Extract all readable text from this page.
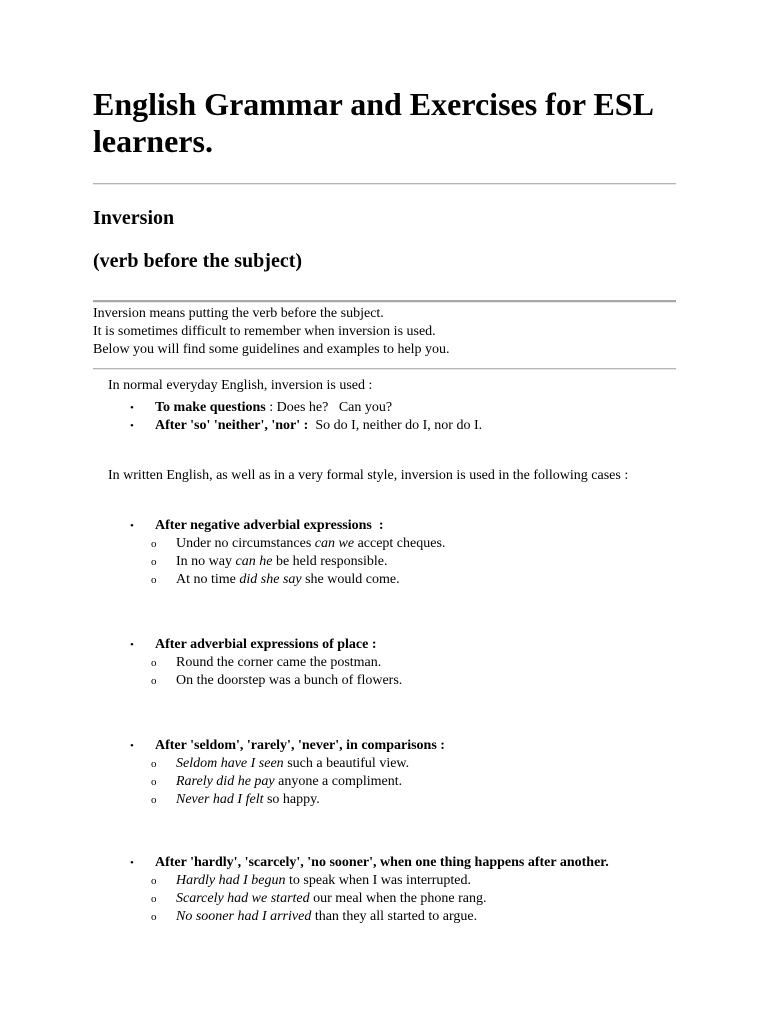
English Grammar and Exercises for ESL learners.
Inversion
(verb before the subject)
Inversion means putting the verb before the subject.
It is sometimes difficult to remember when inversion is used.
Below you will find some guidelines and examples to help you.
In normal everyday English, inversion is used :
•	To make questions : Does he?   Can you?
•	After 'so' 'neither', 'nor' : So do I, neither do I, nor do I.
In written English, as well as in a very formal style, inversion is used in the following cases :
•	After negative adverbial expressions  :
o Under no circumstances can we accept cheques.
o In no way can he be held responsible.
o At no time did she say she would come.
•	After adverbial expressions of place :
o Round the corner came the postman.
o On the doorstep was a bunch of flowers.
•	After 'seldom', 'rarely', 'never', in comparisons :
o Seldom have I seen such a beautiful view.
o Rarely did he pay anyone a compliment.
o Never had I felt so happy.
•	After 'hardly', 'scarcely', 'no sooner', when one thing happens after another.
o Hardly had I begun to speak when I was interrupted.
o Scarcely had we started our meal when the phone rang.
o No sooner had I arrived than they all started to argue.
